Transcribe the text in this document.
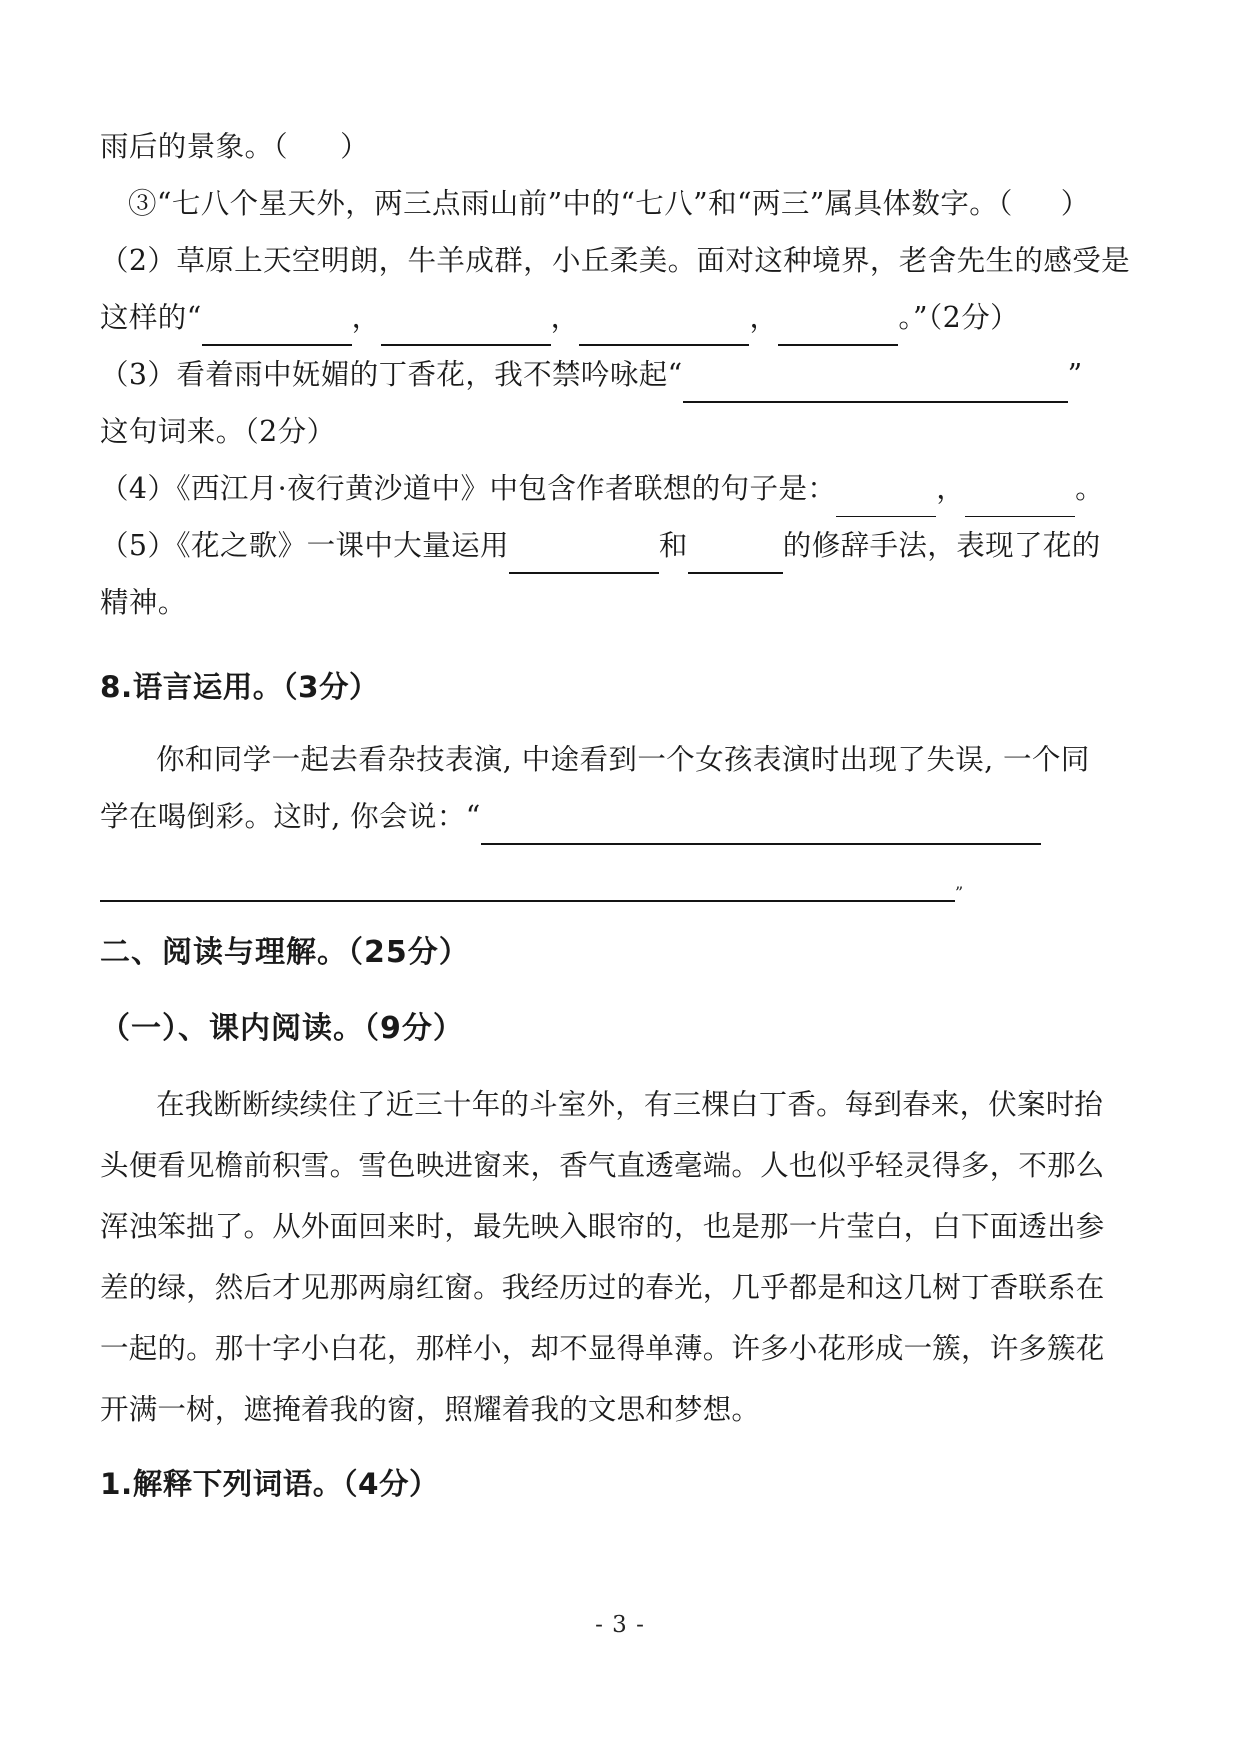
雨后的景象。（ ）
③“七八个星天外，两三点雨山前”中的“七八”和“两三”属具体数字。（ ）
（2）草原上天空明朗，牛羊成群，小丘柔美。面对这种境界，老舍先生的感受是
这样的“	，	，	，	。”（2分）
（3）看着雨中妩媚的丁香花，我不禁吟咏起“	”
这句词来。（2分）
（4）《西江月·夜行黄沙道中》中包含作者联想的句子是：	，	。
（5）《花之歌》一课中大量运用	和	的修辞手法，表现了花的
精神。
8.语言运用。（3分）
你和同学一起去看杂技表演, 中途看到一个女孩表演时出现了失误, 一个同
学在喝倒彩。这时, 你会说：“
”
二、阅读与理解。（25分）
（一）、课内阅读。（9分）
在我断断续续住了近三十年的斗室外，有三棵白丁香。每到春来，伏案时抬
头便看见檐前积雪。雪色映进窗来，香气直透毫端。人也似乎轻灵得多，不那么
浑浊笨拙了。从外面回来时，最先映入眼帘的，也是那一片莹白，白下面透出参
差的绿，然后才见那两扇红窗。我经历过的春光，几乎都是和这几树丁香联系在
一起的。那十字小白花，那样小，却不显得单薄。许多小花形成一簇，许多簇花
开满一树，遮掩着我的窗，照耀着我的文思和梦想。
1.解释下列词语。（4分）
- 3 -
